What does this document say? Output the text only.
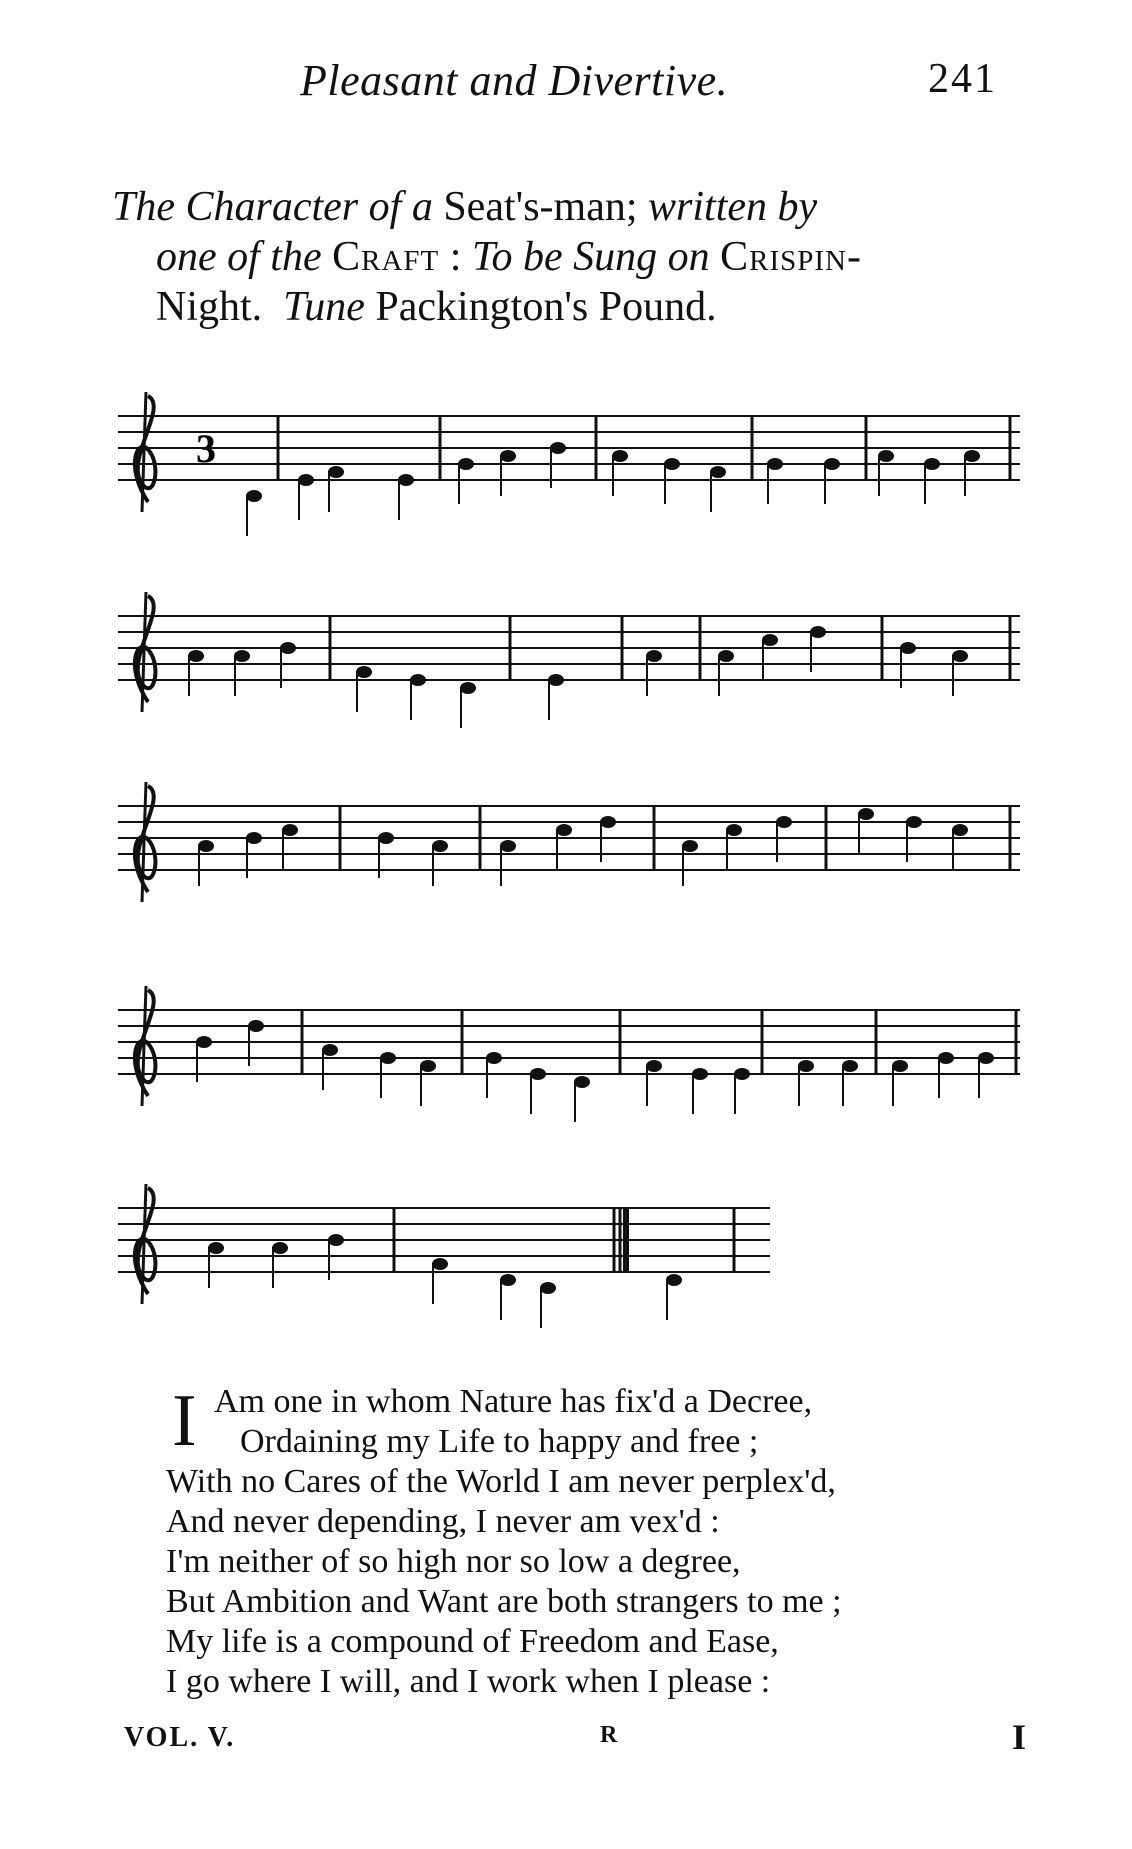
Pleasant and Divertive.	241
The Character of a Seat's-man; written by
one of the Craft : To be Sung on Crispin-
Night. Tune Packington's Pound.
3
I Am one in whom Nature has fix'd a Decree,
Ordaining my Life to happy and free ;
With no Cares of the World I am never perplex'd,
And never depending, I never am vex'd :
I'm neither of so high nor so low a degree,
But Ambition and Want are both strangers to me ;
My life is a compound of Freedom and Ease,
I go where I will, and I work when I please :
VOL. V.	R	I
